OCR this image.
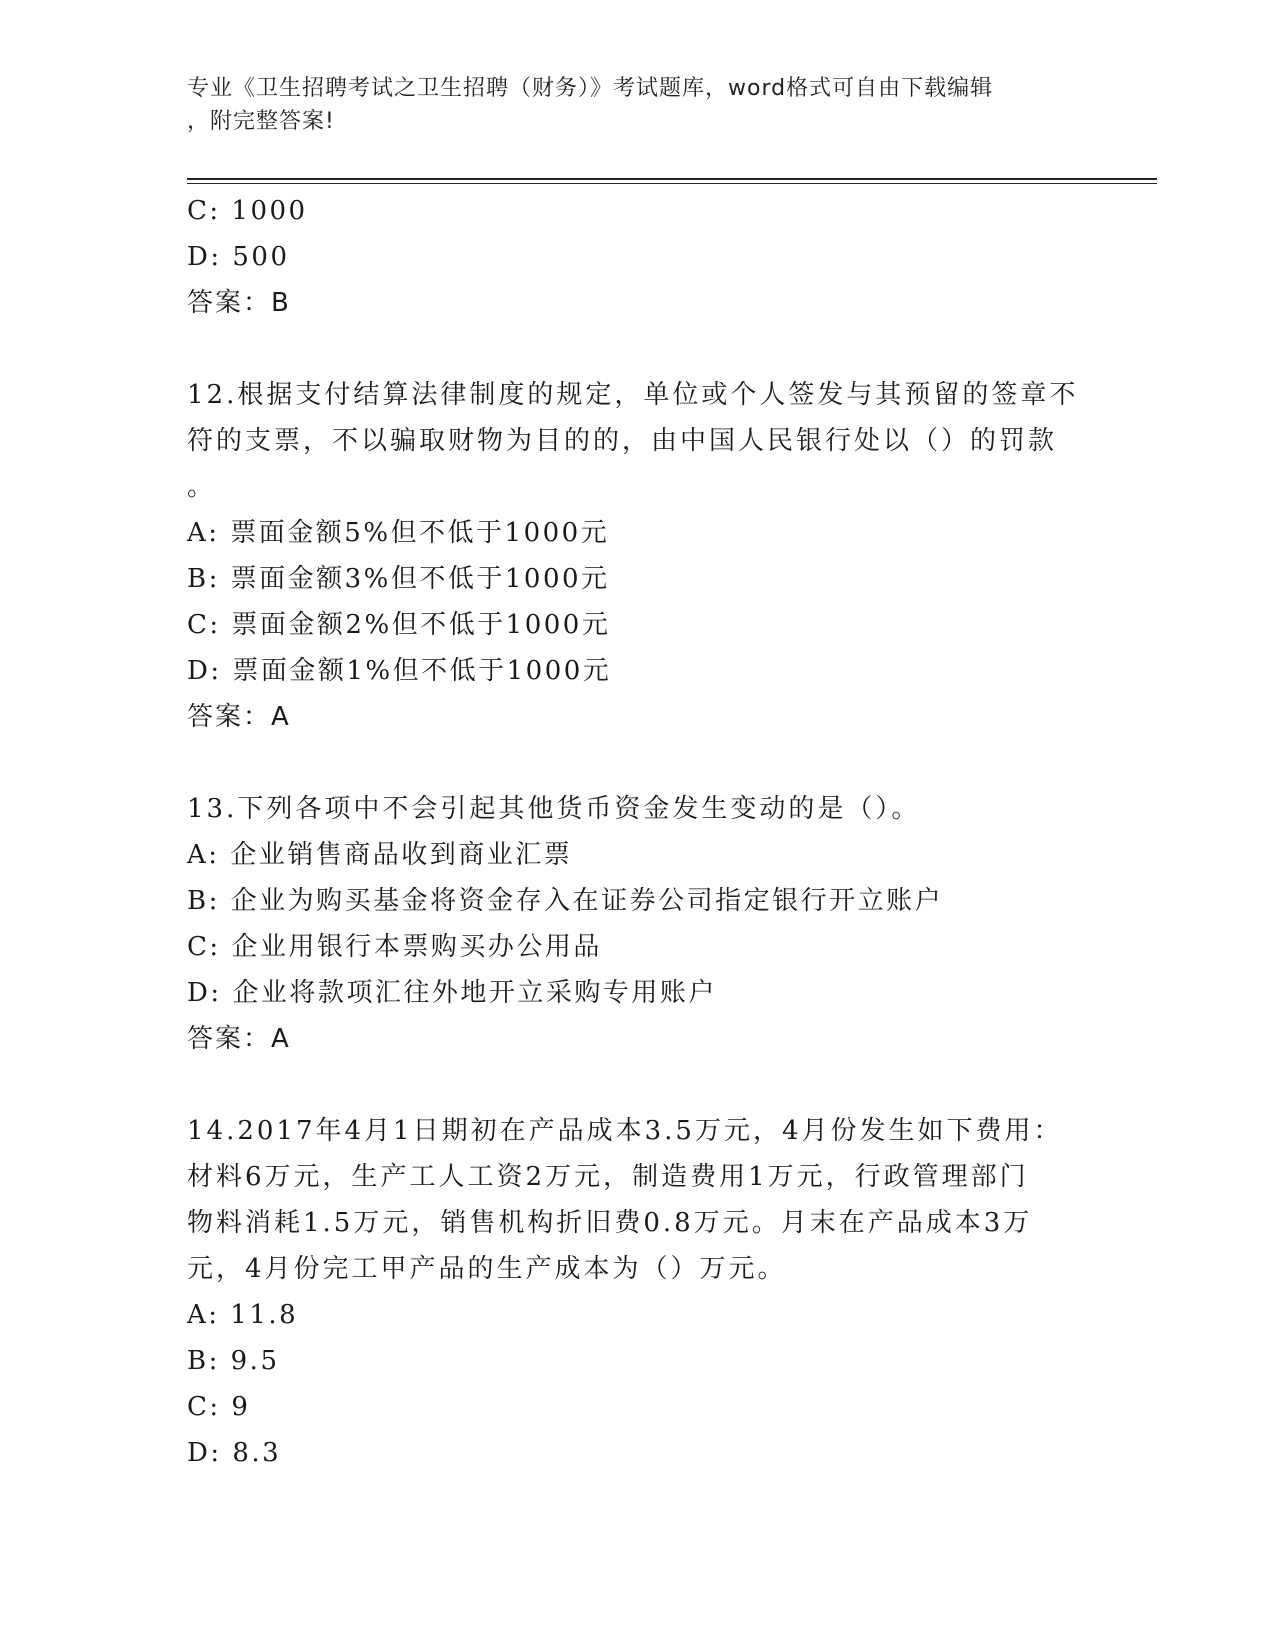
专业《卫生招聘考试之卫生招聘（财务）》考试题库，word格式可自由下载编辑
，附完整答案!
C: 1000
D: 500
答案：B
12.根据支付结算法律制度的规定，单位或个人签发与其预留的签章不
符的支票，不以骗取财物为目的的，由中国人民银行处以（）的罚款
。
A: 票面金额5%但不低于1000元
B: 票面金额3%但不低于1000元
C: 票面金额2%但不低于1000元
D: 票面金额1%但不低于1000元
答案：A
13.下列各项中不会引起其他货币资金发生变动的是（）。
A: 企业销售商品收到商业汇票
B: 企业为购买基金将资金存入在证券公司指定银行开立账户
C: 企业用银行本票购买办公用品
D: 企业将款项汇往外地开立采购专用账户
答案：A
14.2017年4月1日期初在产品成本3.5万元，4月份发生如下费用：
材料6万元，生产工人工资2万元，制造费用1万元，行政管理部门
物料消耗1.5万元，销售机构折旧费0.8万元。月末在产品成本3万
元，4月份完工甲产品的生产成本为（）万元。
A: 11.8
B: 9.5
C: 9
D: 8.3
